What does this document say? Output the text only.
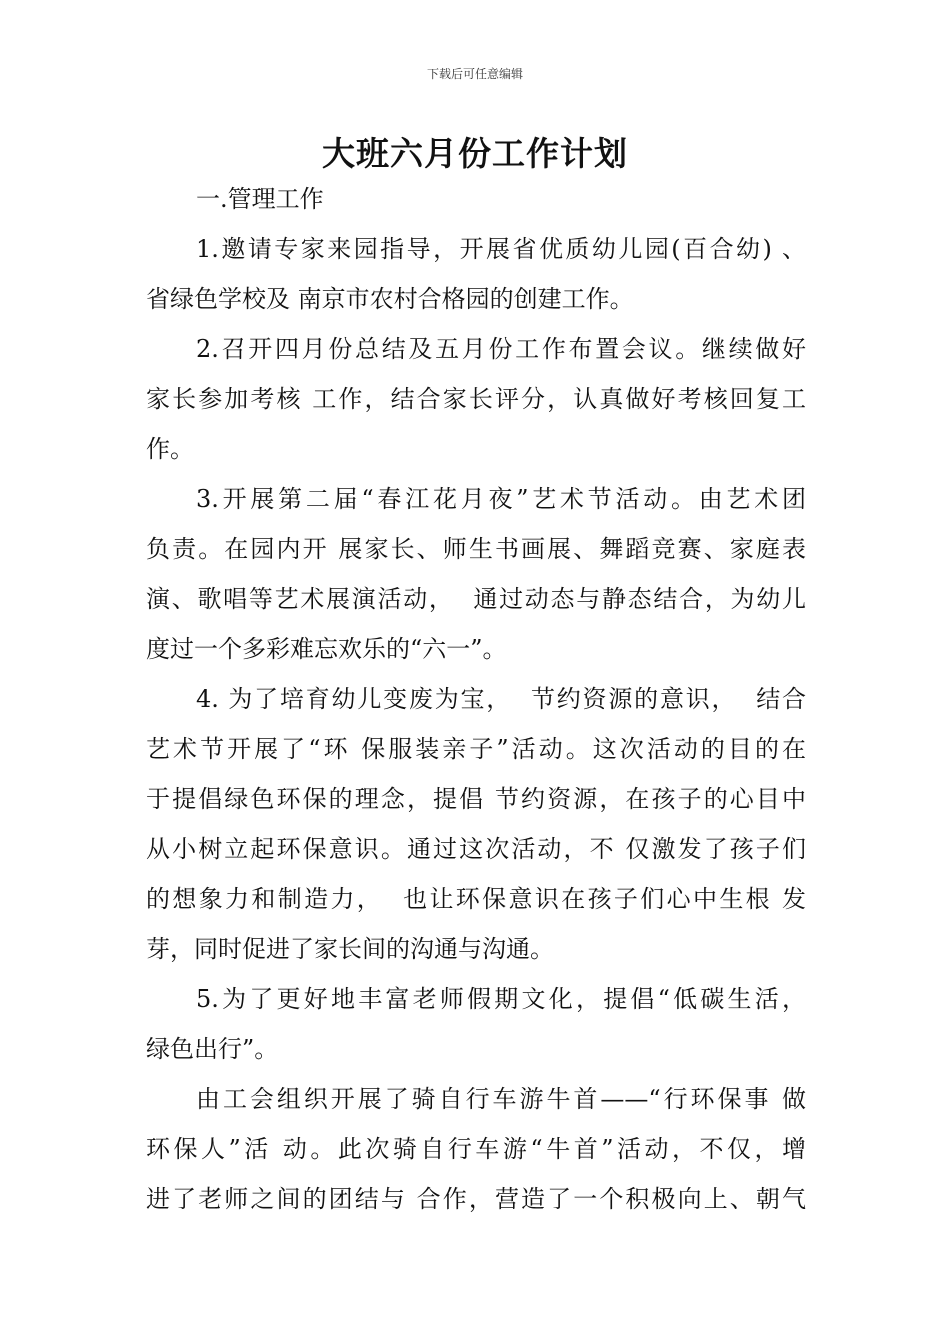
下载后可任意编辑
大班六月份工作计划
一.管理工作
1.邀请专家来园指导，开展省优质幼儿园(百合幼) 、
省绿色学校及 南京市农村合格园的创建工作。
2.召开四月份总结及五月份工作布置会议。继续做好
家长参加考核 工作，结合家长评分，认真做好考核回复工
作。
3.开展第二届“春江花月夜”艺术节活动。由艺术团
负责。在园内开 展家长、师生书画展、舞蹈竞赛、家庭表
演、歌唱等艺术展演活动，  通过动态与静态结合，为幼儿
度过一个多彩难忘欢乐的“六一”。
4. 为了培育幼儿变废为宝，  节约资源的意识，  结合
艺术节开展了“环 保服装亲子”活动。这次活动的目的在
于提倡绿色环保的理念，提倡 节约资源，在孩子的心目中
从小树立起环保意识。通过这次活动，不 仅激发了孩子们
的想象力和制造力，  也让环保意识在孩子们心中生根 发
芽，同时促进了家长间的沟通与沟通。
5.为了更好地丰富老师假期文化，提倡“低碳生活，
绿色出行”。
由工会组织开展了骑自行车游牛首——“行环保事 做
环保人”活 动。此次骑自行车游“牛首”活动，不仅，增
进了老师之间的团结与 合作，营造了一个积极向上、朝气
